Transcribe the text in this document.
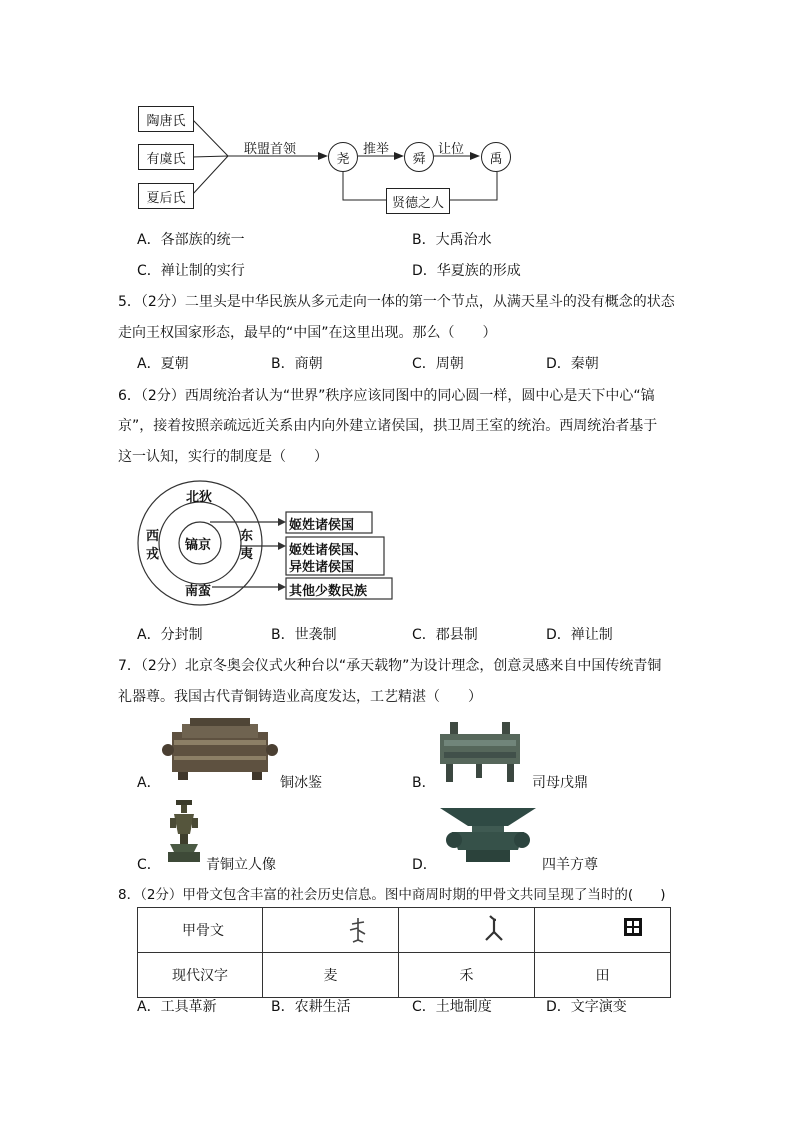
陶唐氏
有虞氏
夏后氏
联盟首领
尧
推举
舜
让位
禹
贤德之人
A．各部族的统一	B．大禹治水
C．禅让制的实行	D．华夏族的形成
5．（2分）二里头是中华民族从多元走向一体的第一个节点，从满天星斗的没有概念的状态
走向王权国家形态，最早的“中国”在这里出现。那么（　　）
A．夏朝	B．商朝	C．周朝	D．秦朝
6．（2分）西周统治者认为“世界”秩序应该同图中的同心圆一样，圆中心是天下中心“镐
京”，接着按照亲疏远近关系由内向外建立诸侯国，拱卫周王室的统治。西周统治者基于
这一认知，实行的制度是（　　）
北狄
西
戎
镐京
东
夷
南蛮
姬姓诸侯国
姬姓诸侯国、
异姓诸侯国
其他少数民族
A．分封制	B．世袭制	C．郡县制	D．禅让制
7．（2分）北京冬奥会仪式火种台以“承天载物”为设计理念，创意灵感来自中国传统青铜
礼器尊。我国古代青铜铸造业高度发达，工艺精湛（　　）
A．	铜冰鉴	B．	司母戊鼎
C．	青铜立人像	D．	四羊方尊
8．（2分）甲骨文包含丰富的社会历史信息。图中商周时期的甲骨文共同呈现了当时的(　　)
甲骨文			
现代汉字	麦	禾	田
A．工具革新	B．农耕生活	C．土地制度	D．文字演变
